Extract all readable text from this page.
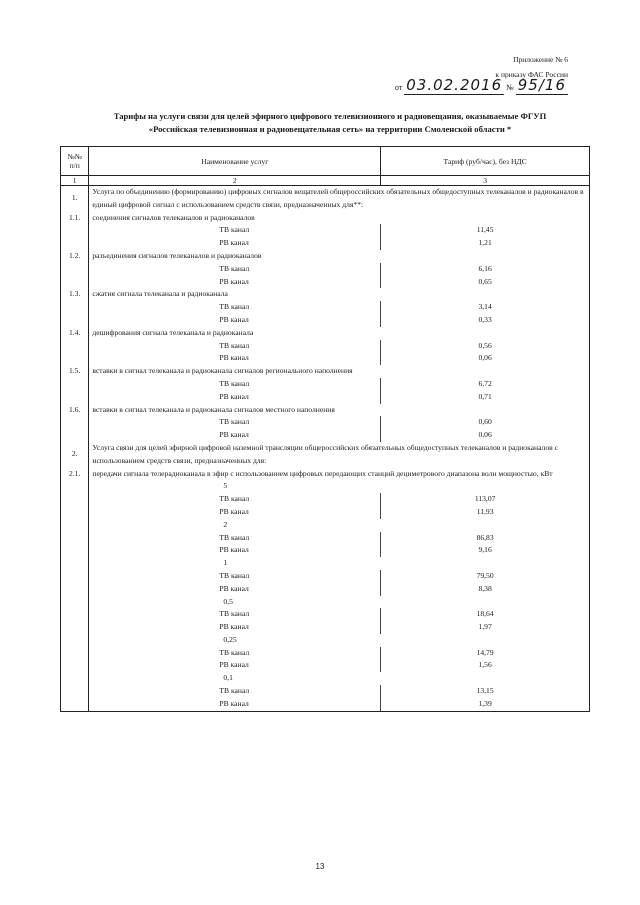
Приложение № 6
к приказу ФАС России
от 03.02.2016 № 95/16
Тарифы на услуги связи для целей эфирного цифрового телевизионного и радиовещания, оказываемые ФГУП
«Российская телевизионная и радиовещательная сеть» на территории Смоленской области *
№№ п/п	Наименование услуг	Тариф (руб/час), без НДС
1	2	3
1.	Услуга по объединению (формированию) цифровых сигналов вещателей общероссийских обязательных общедоступных телеканалов и радиоканалов в единый цифровой сигнал с использованием средств связи, предназначенных для**:	
1.1.	соединения сигналов телеканалов и радиоканалов	
	ТВ канал	11,45
	РВ канал	1,21
1.2.	разъединения сигналов телеканалов и радиоканалов	
	ТВ канал	6,16
	РВ канал	0,65
1.3.	сжатия сигнала телеканала и радиоканала	
	ТВ канал	3,14
	РВ канал	0,33
1.4.	дешифрования сигнала телеканала и радиоканала	
	ТВ канал	0,56
	РВ канал	0,06
1.5.	вставки в сигнал телеканала и радиоканала сигналов регионального наполнения	
	ТВ канал	6,72
	РВ канал	0,71
1.6.	вставки в сигнал телеканала и радиоканала сигналов местного наполнения	
	ТВ канал	0,60
	РВ канал	0,06
2.	Услуга связи для целей эфирной цифровой наземной трансляции общероссийских обязательных общедоступных телеканалов и радиоканалов с использованием средств связи, предназначенных для:	
2.1.	передачи сигнала телерадиоканала в эфир с использованием цифровых передающих станций дециметрового диапазона волн мощностью, кВт	
	5	
	ТВ канал	113,07
	РВ канал	11,93
	2	
	ТВ канал	86,83
	РВ канал	9,16
	1	
	ТВ канал	79,50
	РВ канал	8,38
	0,5	
	ТВ канал	18,64
	РВ канал	1,97
	0,25	
	ТВ канал	14,79
	РВ канал	1,56
	0,1	
	ТВ канал	13,15
	РВ канал	1,39
13
